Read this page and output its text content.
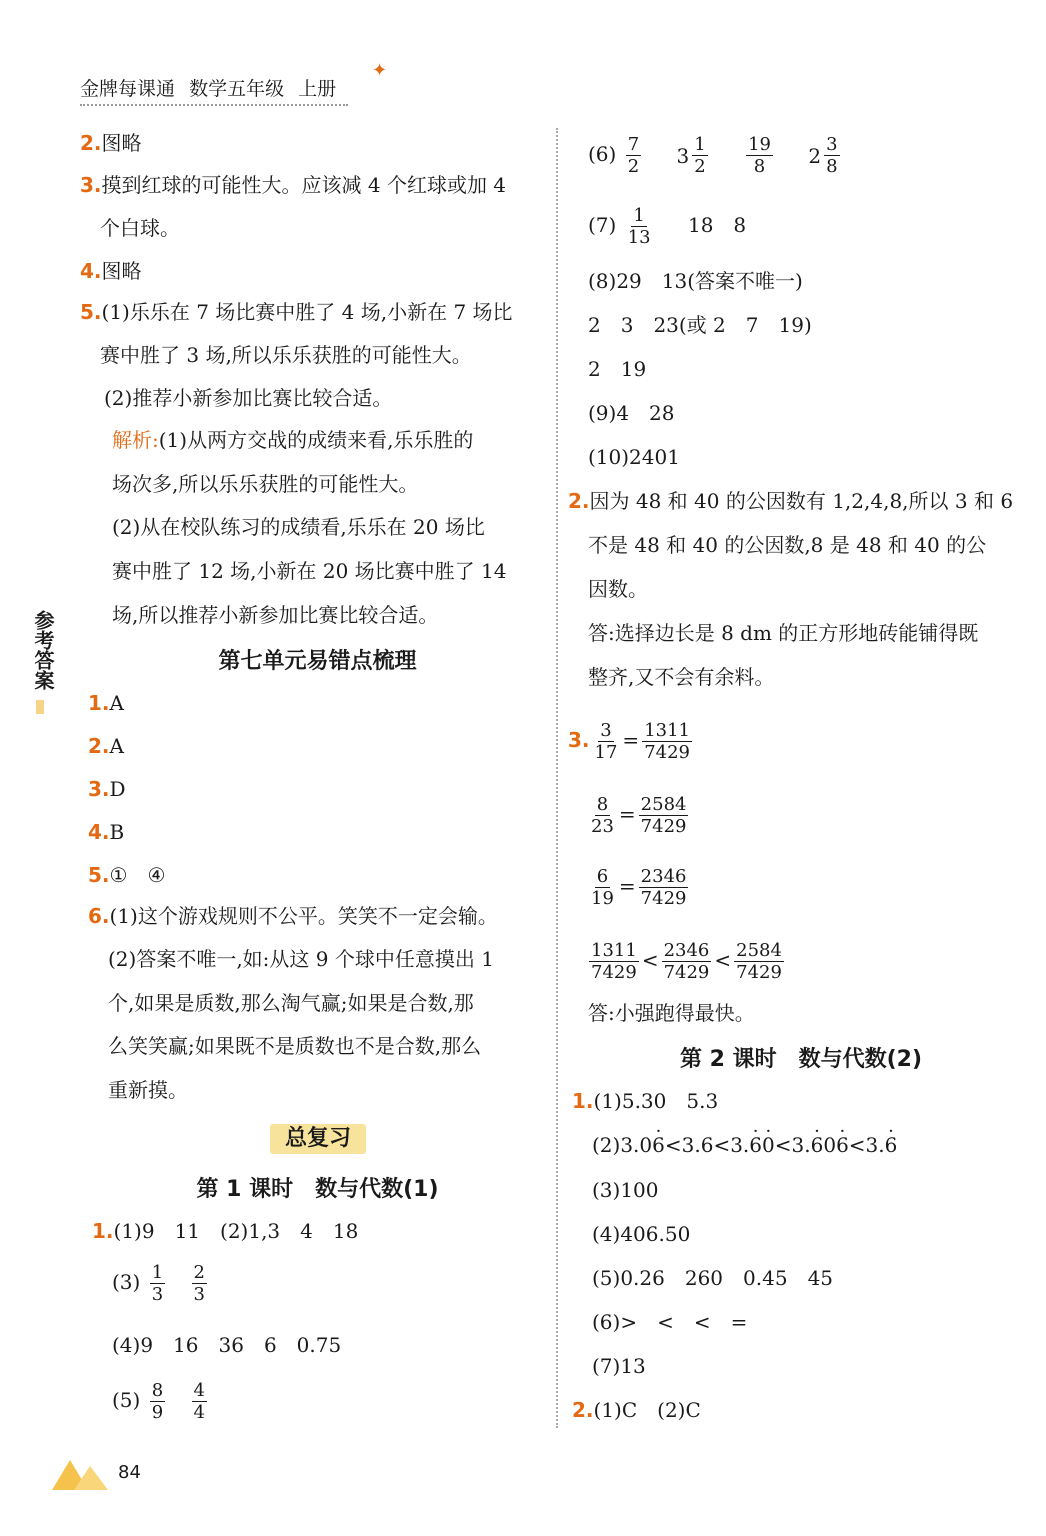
金牌每课通 数学五年级 上册
✦
参考答案
2.图略
3.摸到红球的可能性大。应该减 4 个红球或加 4
个白球。
4.图略
5.(1)乐乐在 7 场比赛中胜了 4 场,小新在 7 场比
赛中胜了 3 场,所以乐乐获胜的可能性大。
(2)推荐小新参加比赛比较合适。
解析:(1)从两方交战的成绩来看,乐乐胜的
场次多,所以乐乐获胜的可能性大。
(2)从在校队练习的成绩看,乐乐在 20 场比
赛中胜了 12 场,小新在 20 场比赛中胜了 14
场,所以推荐小新参加比赛比较合适。
第七单元易错点梳理
1.A
2.A
3.D
4.B
5.①　④
6.(1)这个游戏规则不公平。笑笑不一定会输。
(2)答案不唯一,如:从这 9 个球中任意摸出 1
个,如果是质数,那么淘气赢;如果是合数,那
么笑笑赢;如果既不是质数也不是合数,那么
重新摸。
总复习
第 1 课时　数与代数(1)
1.(1)9　11　(2)1,3　4　18
$(3) \frac{1}{3}$
$\frac{2}{3}$
(4)9　16　36　6　0.75
$(5) \frac{8}{9}$
$\frac{4}{4}$
84
$(6) \frac{7}{2}$
$3 \frac{1}{2}$
$\frac{19}{8}$
$2 \frac{3}{8}$
$(7) \frac{1}{13} 18$　8
(8)29　13(答案不唯一)
2　3　23(或 2　7　19)
2　19
(9)4　28
(10)2401
2.因为 48 和 40 的公因数有 1,2,4,8,所以 3 和 6
不是 48 和 40 的公因数,8 是 48 和 40 的公
因数。
答:选择边长是 8 dm 的正方形地砖能铺得既
整齐,又不会有余料。
3. $\frac{3}{17} = \frac{1311}{7429}$
$\frac{8}{23} = \frac{2584}{7429}$
$\frac{6}{19} = \frac{2346}{7429}$
$\frac{1311}{7429} < \frac{2346}{7429} < \frac{2584}{7429}$
答:小强跑得最快。
第 2 课时　数与代数(2)
1.(1)5.30　5.3
(2)3.06 ·<3.6<3.6 ·0 ·<3.6 ·06 ·<3.6 ·
(3)100
(4)406.50
(5)0.26　260　0.45　45
(6)>　<　<　=
(7)13
2.(1)C　(2)C
